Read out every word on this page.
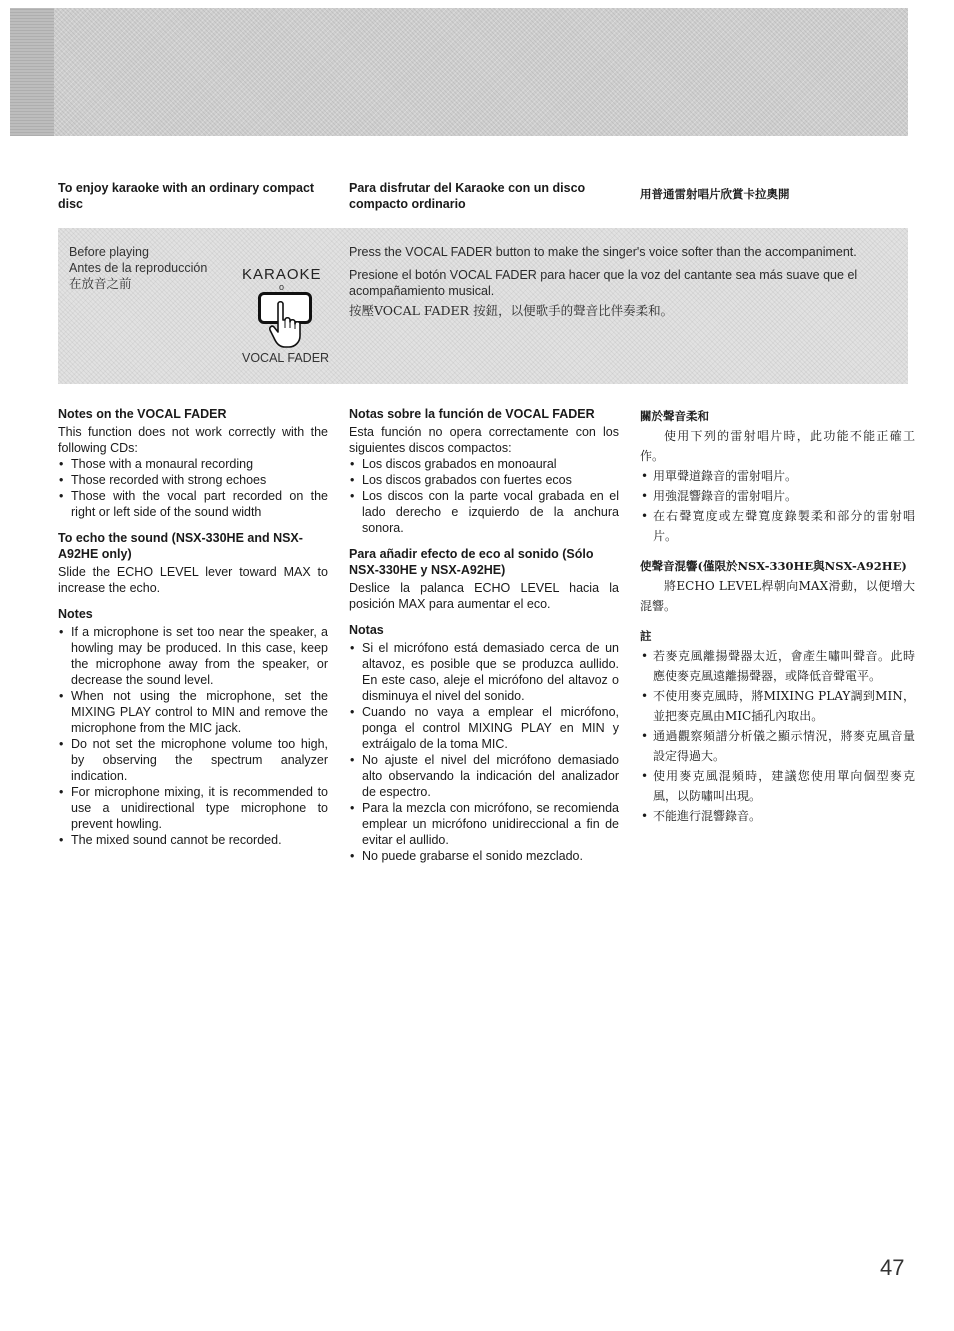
To enjoy karaoke with an ordinary compact disc
Para disfrutar del Karaoke con un disco compacto ordinario
用普通雷射唱片欣賞卡拉奧開
Before playing
Antes de la reproducción
在放音之前
KARAOKE
o
VOCAL FADER
Press the VOCAL FADER button to make the singer's voice softer than the accompaniment.
Presione el botón VOCAL FADER para hacer que la voz del cantante sea más suave que el acompañamiento musical.
按壓VOCAL FADER 按鈕，以便歌手的聲音比伴奏柔和。
Notes on the VOCAL FADER

This function does not work correctly with the following CDs:

• Those with a monaural recording
• Those recorded with strong echoes
• Those with the vocal part recorded on the right or left side of the sound width
To echo the sound (NSX-330HE and NSX-A92HE only)

Slide the ECHO LEVEL lever toward MAX to increase the echo.

Notes
• If a microphone is set too near the speaker, a howling may be produced. In this case, keep the microphone away from the speaker, or decrease the sound level.
• When not using the microphone, set the MIXING PLAY control to MIN and remove the microphone from the MIC jack.
• Do not set the microphone volume too high, by observing the spectrum analyzer indication.
• For microphone mixing, it is recommended to use a unidirectional type microphone to prevent howling.
• The mixed sound cannot be recorded.
Notas sobre la función de VOCAL FADER

Esta función no opera correctamente con los siguientes discos compactos:

• Los discos grabados en monoaural
• Los discos grabados con fuertes ecos
• Los discos con la parte vocal grabada en el lado derecho e izquierdo de la anchura sonora.
Para añadir efecto de eco al sonido (Sólo NSX-330HE y NSX-A92HE)

Deslice la palanca ECHO LEVEL hacia la posición MAX para aumentar el eco.

Notas
• Si el micrófono está demasiado cerca de un altavoz, es posible que se produzca aullido. En este caso, aleje el micrófono del altavoz o disminuya el nivel del sonido.
• Cuando no vaya a emplear el micrófono, ponga el control MIXING PLAY en MIN y extráigalo de la toma MIC.
• No ajuste el nivel del micrófono demasiado alto observando la indicación del analizador de espectro.
• Para la mezcla con micrófono, se recomienda emplear un micrófono unidireccional a fin de evitar el aullido.
• No puede grabarse el sonido mezclado.
關於聲音柔和

使用下列的雷射唱片時，此功能不能正確工作。

• 用單聲道錄音的雷射唱片。
• 用強混響錄音的雷射唱片。
• 在右聲寬度或左聲寬度錄製柔和部分的雷射唱片。
使聲音混響(僅限於NSX-330HE與NSX-A92HE)

將ECHO LEVEL桿朝向MAX滑動，以便增大混響。

註
• 若麥克風離揚聲器太近，會產生嘯叫聲音。此時應使麥克風遠離揚聲器，或降低音聲電平。
• 不使用麥克風時，將MIXING PLAY調到MIN，並把麥克風由MIC插孔內取出。
• 通過觀察頻譜分析儀之顯示情況，將麥克風音量設定得過大。
• 使用麥克風混頻時，建議您使用單向個型麥克風，以防嘯叫出現。
• 不能進行混響錄音。
47
